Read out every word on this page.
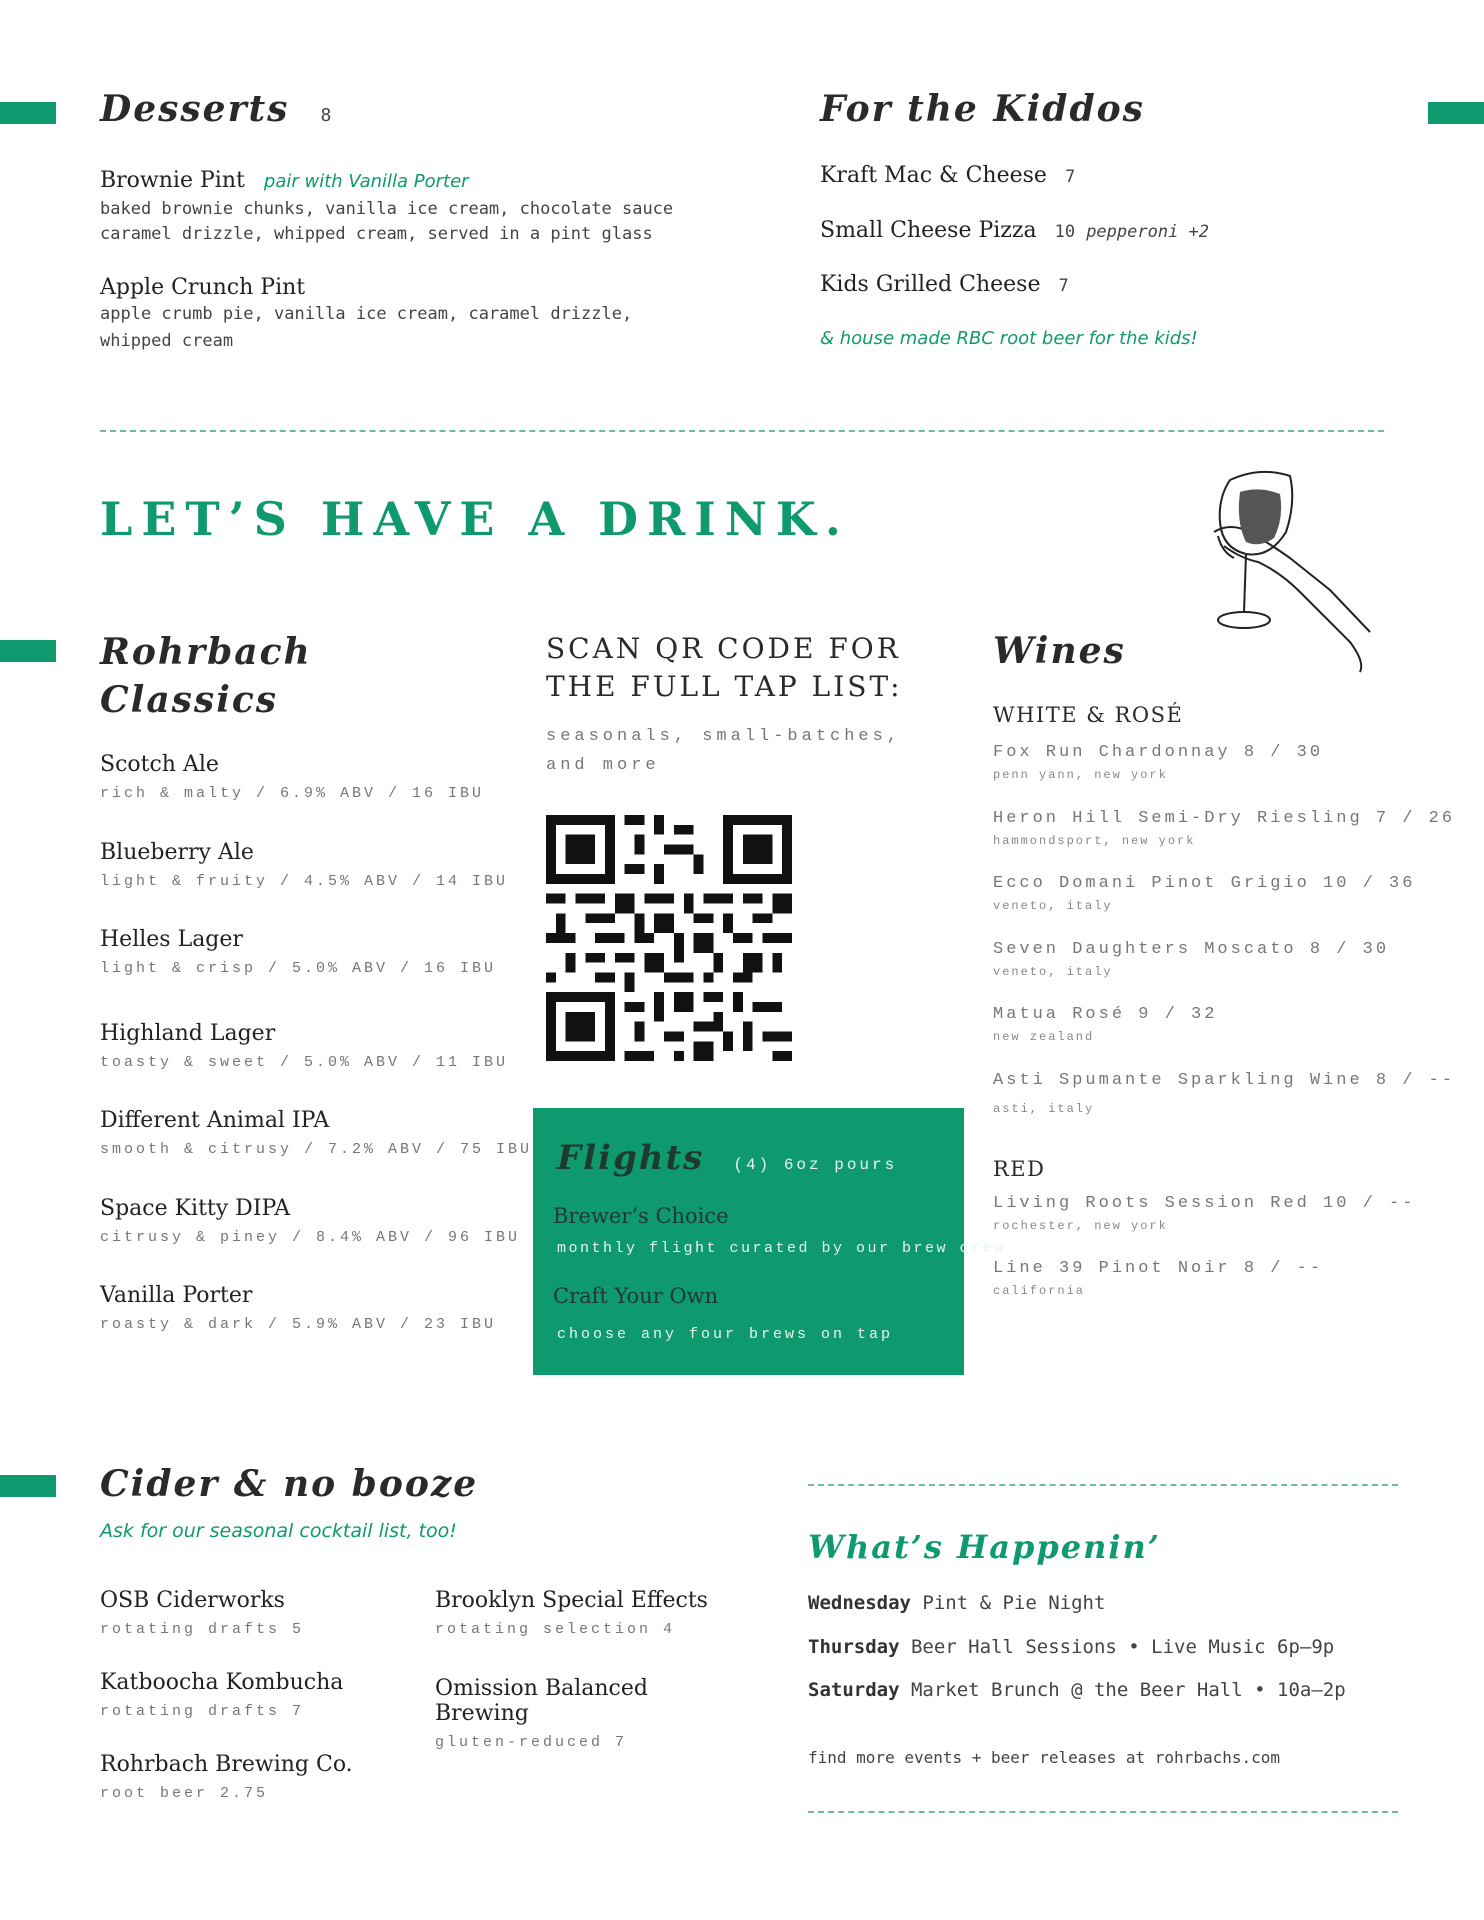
Desserts 8
Brownie Pint pair with Vanilla Porter
baked brownie chunks, vanilla ice cream, chocolate sauce
caramel drizzle, whipped cream, served in a pint glass
Apple Crunch Pint
apple crumb pie, vanilla ice cream, caramel drizzle,
whipped cream
For the Kiddos
Kraft Mac & Cheese 7
Small Cheese Pizza 10 pepperoni +2
Kids Grilled Cheese 7
& house made RBC root beer for the kids!
LET’S HAVE A DRINK.
Rohrbach
Classics
Scotch Ale
rich & malty / 6.9% ABV / 16 IBU
Blueberry Ale
light & fruity / 4.5% ABV / 14 IBU
Helles Lager
light & crisp / 5.0% ABV / 16 IBU
Highland Lager
toasty & sweet / 5.0% ABV / 11 IBU
Different Animal IPA
smooth & citrusy / 7.2% ABV / 75 IBU
Space Kitty DIPA
citrusy & piney / 8.4% ABV / 96 IBU
Vanilla Porter
roasty & dark / 5.9% ABV / 23 IBU
SCAN QR CODE FOR
THE FULL TAP LIST:
seasonals, small-batches,
and more
Flights (4) 6oz pours
Brewer’s Choice
monthly flight curated by our brew crew
Craft Your Own
choose any four brews on tap
Wines
WHITE & ROSÉ
Fox Run Chardonnay 8 / 30
penn yann, new york
Heron Hill Semi-Dry Riesling 7 / 26
hammondsport, new york
Ecco Domani Pinot Grigio 10 / 36
veneto, italy
Seven Daughters Moscato 8 / 30
veneto, italy
Matua Rosé 9 / 32
new zealand
Asti Spumante Sparkling Wine 8 / --
asti, italy
RED
Living Roots Session Red 10 / --
rochester, new york
Line 39 Pinot Noir 8 / --
california
Cider & no booze
Ask for our seasonal cocktail list, too!
OSB Ciderworks
rotating drafts 5
Katboocha Kombucha
rotating drafts 7
Rohrbach Brewing Co.
root beer 2.75
Brooklyn Special Effects
rotating selection 4
Omission Balanced
Brewing
gluten-reduced 7
What’s Happenin’
Wednesday Pint & Pie Night
Thursday Beer Hall Sessions • Live Music 6p–9p
Saturday Market Brunch @ the Beer Hall • 10a–2p
find more events + beer releases at rohrbachs.com
